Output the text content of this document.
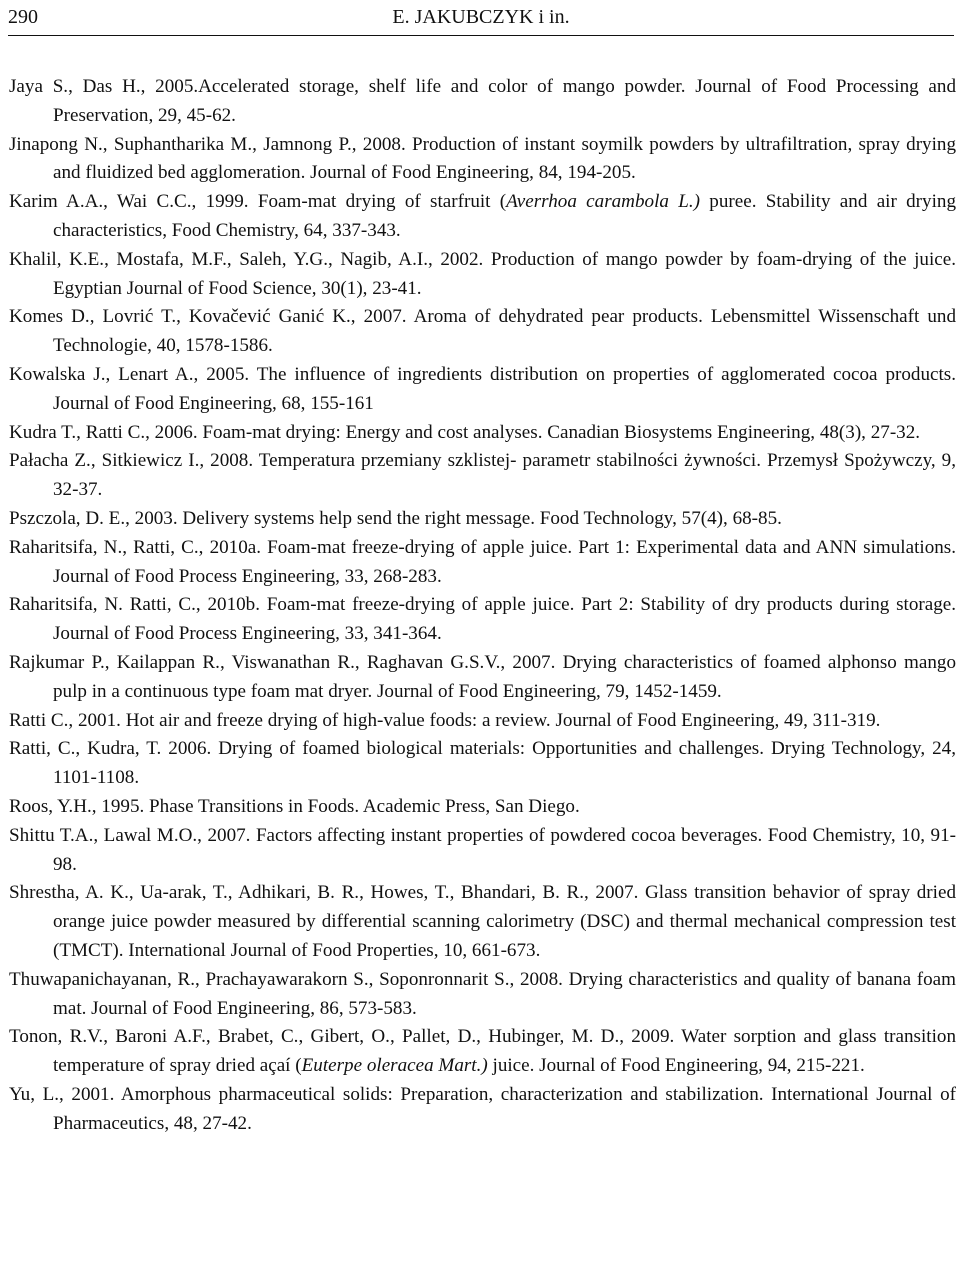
290	E. JAKUBCZYK i in.
Jaya S., Das H., 2005.Accelerated storage, shelf life and color of mango powder. Journal of Food Processing and Preservation, 29, 45-62.
Jinapong N., Suphantharika M., Jamnong P., 2008. Production of instant soymilk powders by ultrafiltration, spray drying and fluidized bed agglomeration. Journal of Food Engineering, 84, 194-205.
Karim A.A., Wai C.C., 1999. Foam-mat drying of starfruit (Averrhoa carambola L.) puree. Stability and air drying characteristics, Food Chemistry, 64, 337-343.
Khalil, K.E., Mostafa, M.F., Saleh, Y.G., Nagib, A.I., 2002. Production of mango powder by foam-drying of the juice. Egyptian Journal of Food Science, 30(1), 23-41.
Komes D., Lovrić T., Kovačević Ganić K., 2007. Aroma of dehydrated pear products. Lebensmittel Wissenschaft und Technologie, 40, 1578-1586.
Kowalska J., Lenart A., 2005. The influence of ingredients distribution on properties of agglomerated cocoa products. Journal of Food Engineering, 68, 155-161
Kudra T., Ratti C., 2006. Foam-mat drying: Energy and cost analyses. Canadian Biosystems Engineering, 48(3), 27-32.
Pałacha Z., Sitkiewicz I., 2008. Temperatura przemiany szklistej- parametr stabilności żywności. Przemysł Spożywczy, 9, 32-37.
Pszczola, D. E., 2003. Delivery systems help send the right message. Food Technology, 57(4), 68-85.
Raharitsifa, N., Ratti, C., 2010a. Foam-mat freeze-drying of apple juice. Part 1: Experimental data and ANN simulations. Journal of Food Process Engineering, 33, 268-283.
Raharitsifa, N. Ratti, C., 2010b. Foam-mat freeze-drying of apple juice. Part 2: Stability of dry products during storage. Journal of Food Process Engineering, 33, 341-364.
Rajkumar P., Kailappan R., Viswanathan R., Raghavan G.S.V., 2007. Drying characteristics of foamed alphonso mango pulp in a continuous type foam mat dryer. Journal of Food Engineering, 79, 1452-1459.
Ratti C., 2001. Hot air and freeze drying of high-value foods: a review. Journal of Food Engineering, 49, 311-319.
Ratti, C., Kudra, T. 2006. Drying of foamed biological materials: Opportunities and challenges. Drying Technology, 24, 1101-1108.
Roos, Y.H., 1995. Phase Transitions in Foods. Academic Press, San Diego.
Shittu T.A., Lawal M.O., 2007. Factors affecting instant properties of powdered cocoa beverages. Food Chemistry, 10, 91-98.
Shrestha, A. K., Ua-arak, T., Adhikari, B. R., Howes, T., Bhandari, B. R., 2007. Glass transition behavior of spray dried orange juice powder measured by differential scanning calorimetry (DSC) and thermal mechanical compression test (TMCT). International Journal of Food Properties, 10, 661-673.
Thuwapanichayanan, R., Prachayawarakorn S., Soponronnarit S., 2008. Drying characteristics and quality of banana foam mat. Journal of Food Engineering, 86, 573-583.
Tonon, R.V., Baroni A.F., Brabet, C., Gibert, O., Pallet, D., Hubinger, M. D., 2009. Water sorption and glass transition temperature of spray dried açaí (Euterpe oleracea Mart.) juice. Journal of Food Engineering, 94, 215-221.
Yu, L., 2001. Amorphous pharmaceutical solids: Preparation, characterization and stabilization. International Journal of Pharmaceutics, 48, 27-42.
